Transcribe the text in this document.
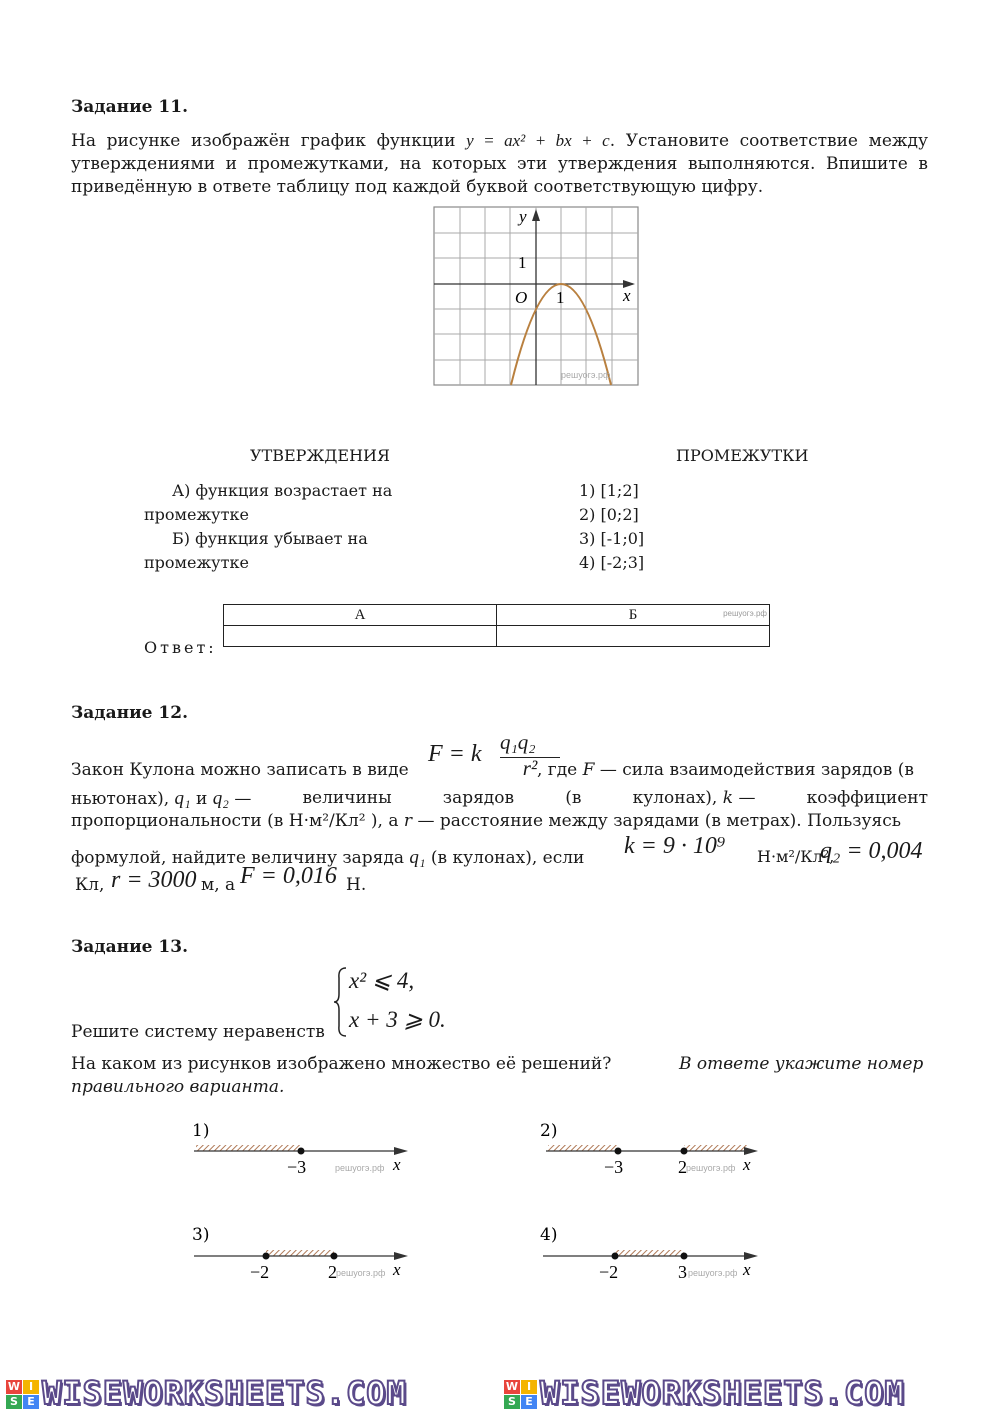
Задание 11.
На рисунке изображён график функции y = ax² + bx + c. Установите соответствие между утверждениями и промежутками, на которых эти утверждения выполняются. Впишите в приведённую в ответе таблицу под каждой буквой соответствующую цифру.
y
x
O 1
1
решуогэ.рф
УТВЕРЖДЕНИЯ	ПРОМЕЖУТКИ
А) функция возрастает на
промежутке
Б) функция убывает на
промежутке
1) [1;2]
2) [0;2]
3) [-1;0]
4) [-2;3]
Ответ:
А	Б решуогэ.рф

Задание 12.
F = k q₁q₂
r²
Закон Кулона можно записать в виде	, где F — сила взаимодействия зарядов (в
ньютонах), q₁ и q₂ —	величины	зарядов	(в	кулонах), k —	коэффициент
пропорциональности (в Н·м²/Кл² ), а r — расстояние между зарядами (в метрах). Пользуясь
формулой, найдите величину заряда q₁ (в кулонах), если k = 9 · 10⁹ Н·м²/Кл²,
q₂ = 0,004
Кл, r = 3000 м, а F = 0,016 Н.
Задание 13.
Решите систему неравенств
x² ⩽ 4,
x + 3 ⩾ 0.
На каком из рисунков изображено множество её решений?	В ответе укажите номер
правильного варианта.
1)
−3	x
решуогэ.рф
2)
−3	2	x
решуогэ.рф
3)
−2	2	x
решуогэ.рф
4)
−2	3	x
решуогэ.рф
W I
S E WISEWORKSHEETS.COM	W I
S E WISEWORKSHEETS.COM
